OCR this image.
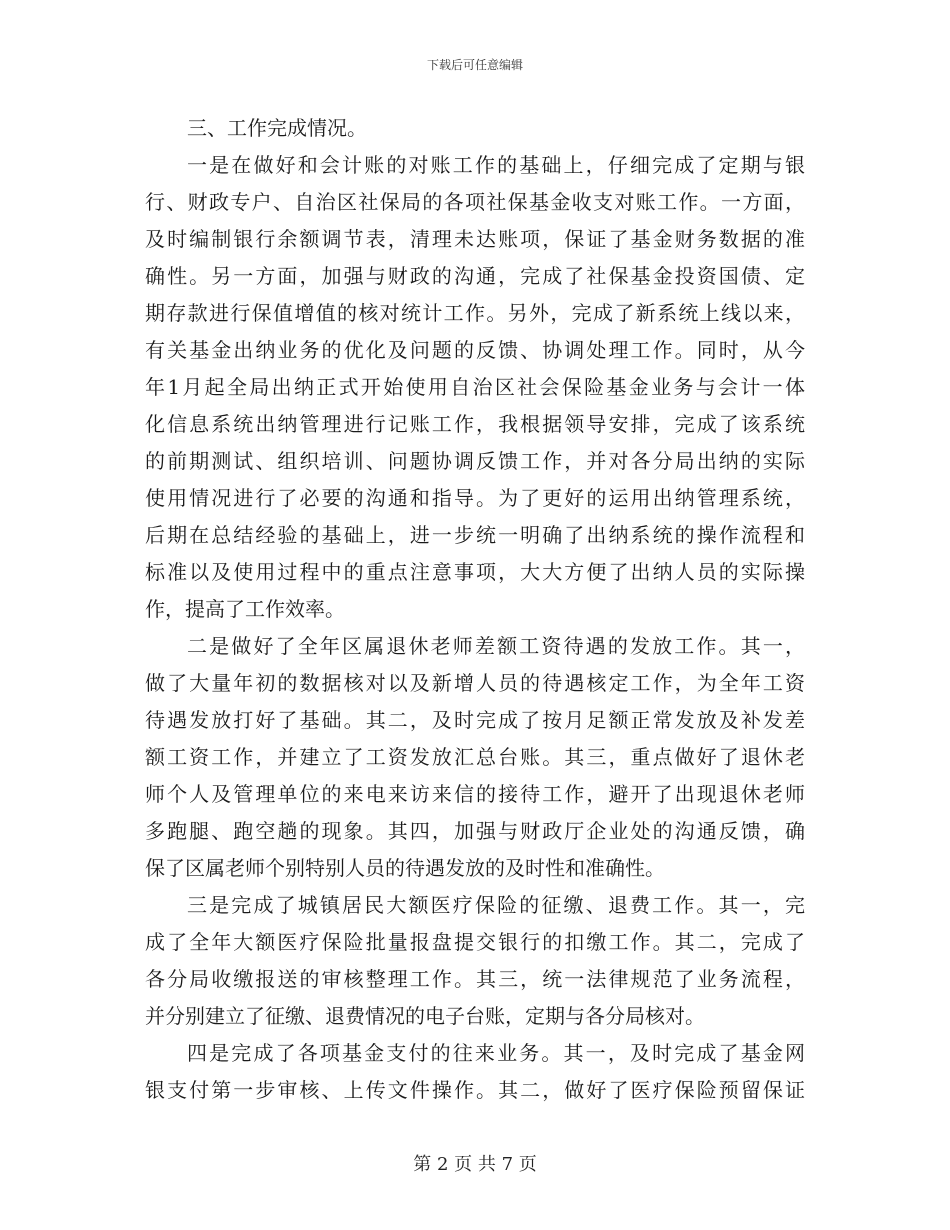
下载后可任意编辑
三、工作完成情况。
一是在做好和会计账的对账工作的基础上，仔细完成了定期与银
行、财政专户、自治区社保局的各项社保基金收支对账工作。一方面，
及时编制银行余额调节表，清理未达账项，保证了基金财务数据的准
确性。另一方面，加强与财政的沟通，完成了社保基金投资国债、定
期存款进行保值增值的核对统计工作。另外，完成了新系统上线以来，
有关基金出纳业务的优化及问题的反馈、协调处理工作。同时，从今
年1月起全局出纳正式开始使用自治区社会保险基金业务与会计一体
化信息系统出纳管理进行记账工作，我根据领导安排，完成了该系统
的前期测试、组织培训、问题协调反馈工作，并对各分局出纳的实际
使用情况进行了必要的沟通和指导。为了更好的运用出纳管理系统，
后期在总结经验的基础上，进一步统一明确了出纳系统的操作流程和
标准以及使用过程中的重点注意事项，大大方便了出纳人员的实际操
作，提高了工作效率。
二是做好了全年区属退休老师差额工资待遇的发放工作。其一，
做了大量年初的数据核对以及新增人员的待遇核定工作，为全年工资
待遇发放打好了基础。其二，及时完成了按月足额正常发放及补发差
额工资工作，并建立了工资发放汇总台账。其三，重点做好了退休老
师个人及管理单位的来电来访来信的接待工作，避开了出现退休老师
多跑腿、跑空趟的现象。其四，加强与财政厅企业处的沟通反馈，确
保了区属老师个别特别人员的待遇发放的及时性和准确性。
三是完成了城镇居民大额医疗保险的征缴、退费工作。其一，完
成了全年大额医疗保险批量报盘提交银行的扣缴工作。其二，完成了
各分局收缴报送的审核整理工作。其三，统一法律规范了业务流程，
并分别建立了征缴、退费情况的电子台账，定期与各分局核对。
四是完成了各项基金支付的往来业务。其一，及时完成了基金网
银支付第一步审核、上传文件操作。其二，做好了医疗保险预留保证
第 2 页 共 7 页
